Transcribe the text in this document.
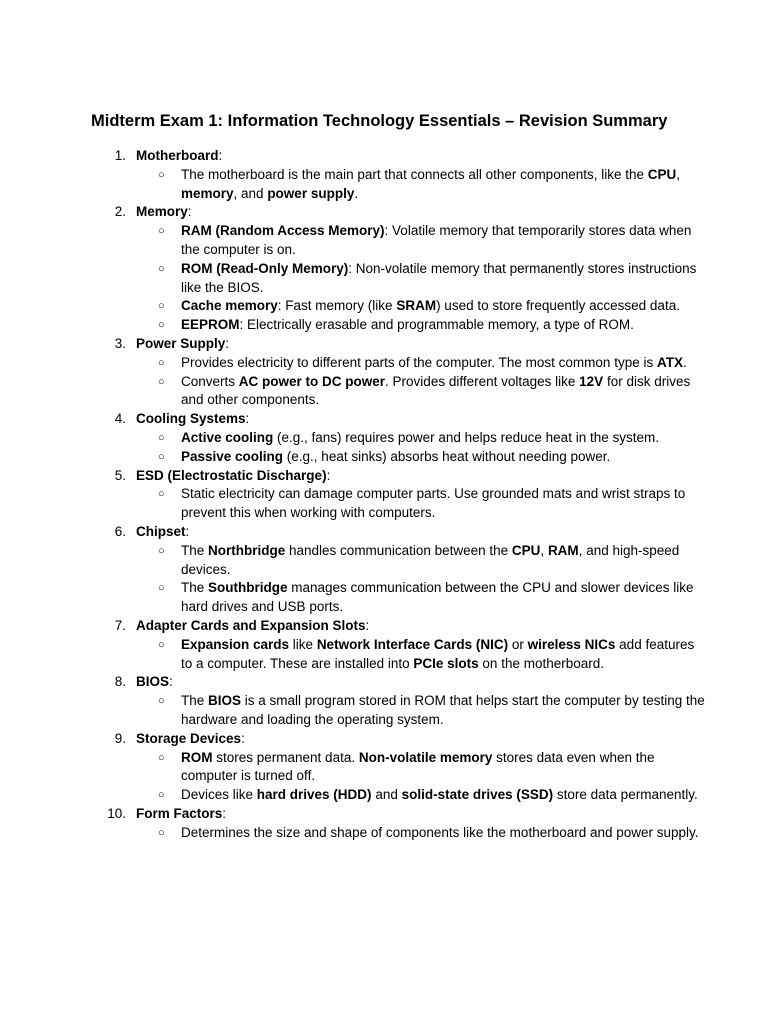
Midterm Exam 1: Information Technology Essentials – Revision Summary
1. Motherboard:
○ The motherboard is the main part that connects all other components, like the CPU, memory, and power supply.
2. Memory:
○ RAM (Random Access Memory): Volatile memory that temporarily stores data when the computer is on.
○ ROM (Read-Only Memory): Non-volatile memory that permanently stores instructions like the BIOS.
○ Cache memory: Fast memory (like SRAM) used to store frequently accessed data.
○ EEPROM: Electrically erasable and programmable memory, a type of ROM.
3. Power Supply:
○ Provides electricity to different parts of the computer. The most common type is ATX.
○ Converts AC power to DC power. Provides different voltages like 12V for disk drives and other components.
4. Cooling Systems:
○ Active cooling (e.g., fans) requires power and helps reduce heat in the system.
○ Passive cooling (e.g., heat sinks) absorbs heat without needing power.
5. ESD (Electrostatic Discharge):
○ Static electricity can damage computer parts. Use grounded mats and wrist straps to prevent this when working with computers.
6. Chipset:
○ The Northbridge handles communication between the CPU, RAM, and high-speed devices.
○ The Southbridge manages communication between the CPU and slower devices like hard drives and USB ports.
7. Adapter Cards and Expansion Slots:
○ Expansion cards like Network Interface Cards (NIC) or wireless NICs add features to a computer. These are installed into PCIe slots on the motherboard.
8. BIOS:
○ The BIOS is a small program stored in ROM that helps start the computer by testing the hardware and loading the operating system.
9. Storage Devices:
○ ROM stores permanent data. Non-volatile memory stores data even when the computer is turned off.
○ Devices like hard drives (HDD) and solid-state drives (SSD) store data permanently.
10. Form Factors:
○ Determines the size and shape of components like the motherboard and power supply.
